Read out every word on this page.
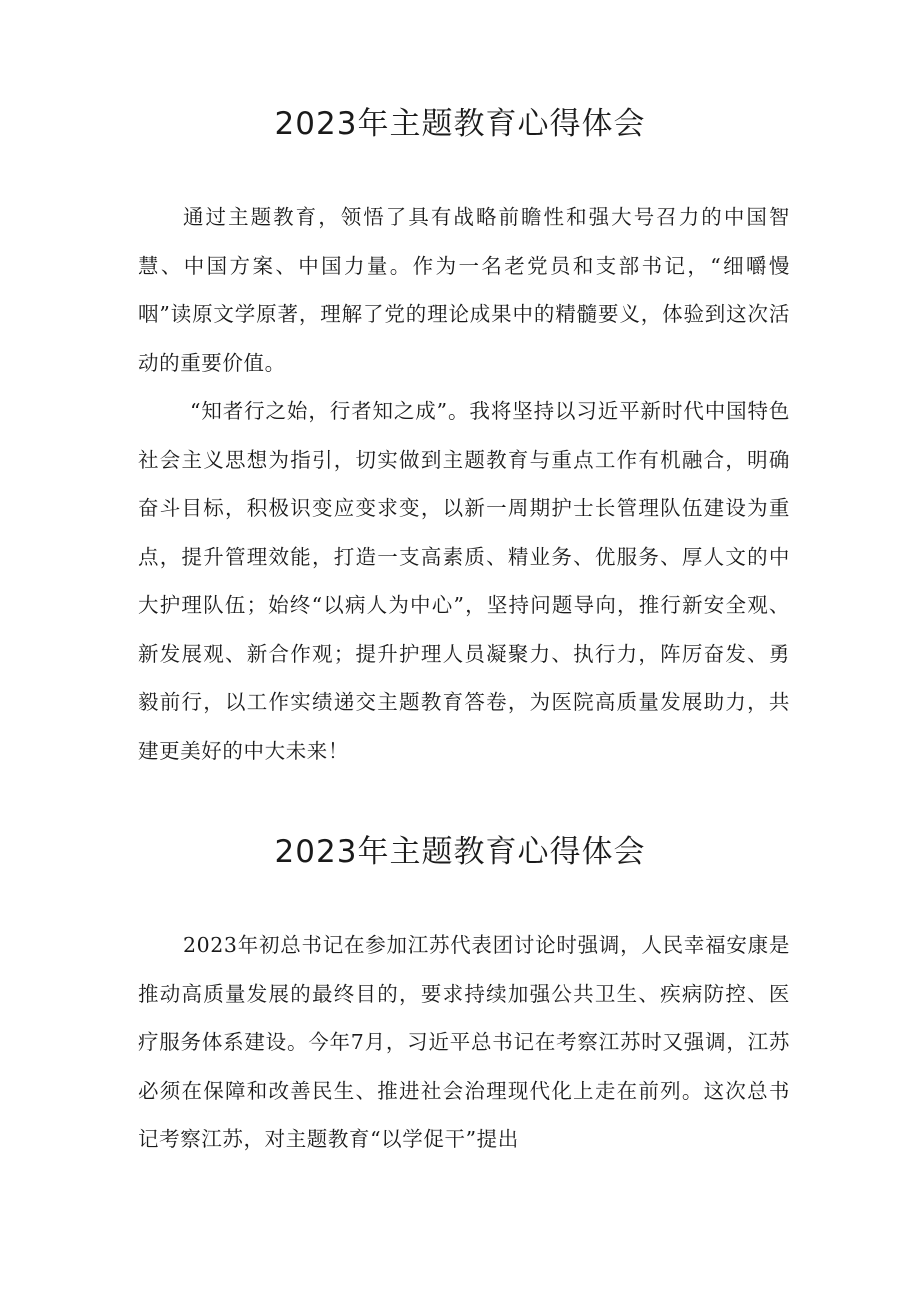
2023年主题教育心得体会

通过主题教育，领悟了具有战略前瞻性和强大号召力的中国智慧、中国方案、中国力量。作为一名老党员和支部书记，“细嚼慢咽”读原文学原著，理解了党的理论成果中的精髓要义，体验到这次活动的重要价值。

“知者行之始，行者知之成”。我将坚持以习近平新时代中国特色社会主义思想为指引，切实做到主题教育与重点工作有机融合，明确奋斗目标，积极识变应变求变，以新一周期护士长管理队伍建设为重点，提升管理效能，打造一支高素质、精业务、优服务、厚人文的中大护理队伍；始终“以病人为中心”，坚持问题导向，推行新安全观、新发展观、新合作观；提升护理人员凝聚力、执行力，阵厉奋发、勇毅前行，以工作实绩递交主题教育答卷，为医院高质量发展助力，共建更美好的中大未来！

2023年主题教育心得体会

2023年初总书记在参加江苏代表团讨论时强调，人民幸福安康是推动高质量发展的最终目的，要求持续加强公共卫生、疾病防控、医疗服务体系建设。今年7月，习近平总书记在考察江苏时又强调，江苏必须在保障和改善民生、推进社会治理现代化上走在前列。这次总书记考察江苏，对主题教育“以学促干”提出
